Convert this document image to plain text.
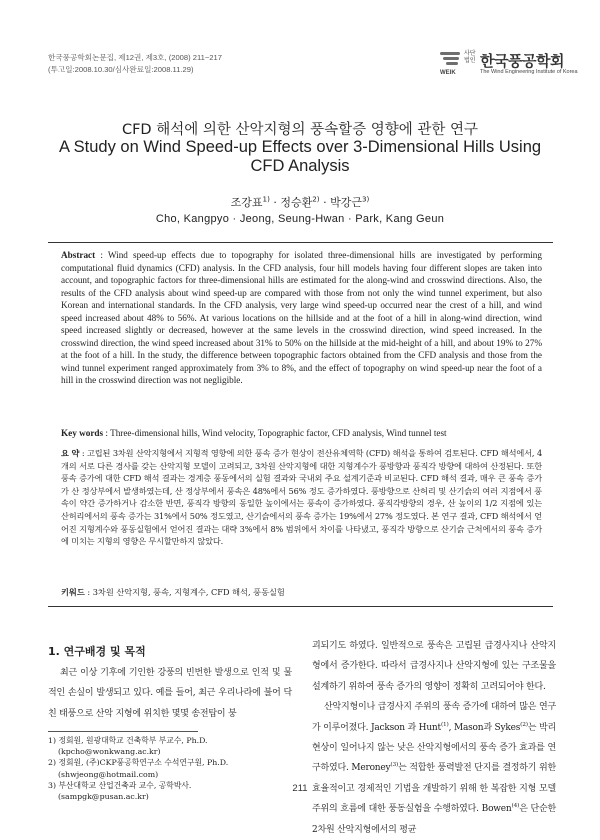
한국풍공학회논문집, 제12권, 제3호, (2008) 211~217
(투고일:2008.10.30/심사완료일:2008.11.29)	WEIK
사단법인 한국풍공학회
The Wind Engineering Institute of Korea
CFD 해석에 의한 산악지형의 풍속할증 영향에 관한 연구
A Study on Wind Speed-up Effects over 3-Dimensional Hills Using CFD Analysis
조강표$^{1)}$ · 정승환$^{2)}$ · 박강근$^{3)}$
Cho, Kangpyo · Jeong, Seung-Hwan · Park, Kang Geun
Abstract : Wind speed-up effects due to topography for isolated three-dimensional hills are investigated by performing computational fluid dynamics (CFD) analysis. In the CFD analysis, four hill models having four different slopes are taken into account, and topographic factors for three-dimensional hills are estimated for the along-wind and crosswind directions. Also, the results of the CFD analysis about wind speed-up are compared with those from not only the wind tunnel experiment, but also Korean and international standards. In the CFD analysis, very large wind speed-up occurred near the crest of a hill, and wind speed increased about 48% to 56%. At various locations on the hillside and at the foot of a hill in along-wind direction, wind speed increased slightly or decreased, however at the same levels in the crosswind direction, wind speed increased. In the crosswind direction, the wind speed increased about 31% to 50% on the hillside at the mid-height of a hill, and about 19% to 27% at the foot of a hill. In the study, the difference between topographic factors obtained from the CFD analysis and those from the wind tunnel experiment ranged approximately from 3% to 8%, and the effect of topography on wind speed-up near the foot of a hill in the crosswind direction was not negligible.
Key words : Three-dimensional hills, Wind velocity, Topographic factor, CFD analysis, Wind tunnel test
요 약 : 고립된 3차원 산악지형에서 지형적 영향에 의한 풍속 증가 현상이 전산유체역학 (CFD) 해석을 통하여 검토된다. CFD 해석에서, 4개의 서로 다른 경사를 갖는 산악지형 모델이 고려되고, 3차원 산악지형에 대한 지형계수가 풍방향과 풍직각 방향에 대하여 산정된다. 또한 풍속 증가에 대한 CFD 해석 결과는 경계층 풍동에서의 실험 결과와 국내외 주요 설계기준과 비교된다. CFD 해석 결과, 매우 큰 풍속 증가가 산 정상부에서 발생하였는데, 산 정상부에서 풍속은 48%에서 56% 정도 증가하였다. 풍방향으로 산허리 및 산기슭의 여러 지점에서 풍속이 약간 증가하거나 감소한 반면, 풍직각 방향의 동일한 높이에서는 풍속이 증가하였다. 풍직각방향의 경우, 산 높이의 1/2 지점에 있는 산허리에서의 풍속 증가는 31%에서 50% 정도였고, 산기슭에서의 풍속 증가는 19%에서 27% 정도였다. 본 연구 결과, CFD 해석에서 얻어진 지형계수와 풍동실험에서 얻어진 결과는 대략 3%에서 8% 범위에서 차이를 나타냈고, 풍직각 방향으로 산기슭 근처에서의 풍속 증가에 미치는 지형의 영향은 무시할만하지 않았다.
키워드 : 3차원 산악지형, 풍속, 지형계수, CFD 해석, 풍동실험
1. 연구배경 및 목적
최근 이상 기후에 기인한 강풍의 빈번한 발생으로 인적 및 물적인 손실이 발생되고 있다. 예를 들어, 최근 우리나라에 불어 닥친 태풍으로 산악 지형에 위치한 몇몇 송전탑이 붕
괴되기도 하였다. 일반적으로 풍속은 고립된 급경사지나 산악지형에서 증가한다. 따라서 급경사지나 산악지형에 있는 구조물을 설계하기 위하여 풍속 증가의 영향이 정확히 고려되어야 한다.
산악지형이나 급경사지 주위의 풍속 증가에 대하여 많은 연구가 이루어졌다. Jackson 과 Hunt$^{(1)}$, Mason과 Sykes$^{(2)}$는 박리현상이 일어나지 않는 낮은 산악지형에서의 풍속 증가 효과를 연구하였다. Meroney$^{(3)}$는 적합한 풍력발전 단지를 결정하기 위한 효율적이고 경제적인 기법을 개발하기 위해 한 복잡한 지형 모델 주위의 흐름에 대한 풍동실험을 수행하였다. Bowen$^{(4)}$은 단순한 2차원 산악지형에서의 평균
1) 정회원, 원광대학교 건축학부 부교수, Ph.D.
(kpcho@wonkwang.ac.kr)
2) 정회원, (주)CKP풍공학연구소 수석연구원, Ph.D.
(shwjeong@hotmail.com)
3) 부산대학교 산업건축과 교수, 공학박사.
(sampgk@pusan.ac.kr)
211
